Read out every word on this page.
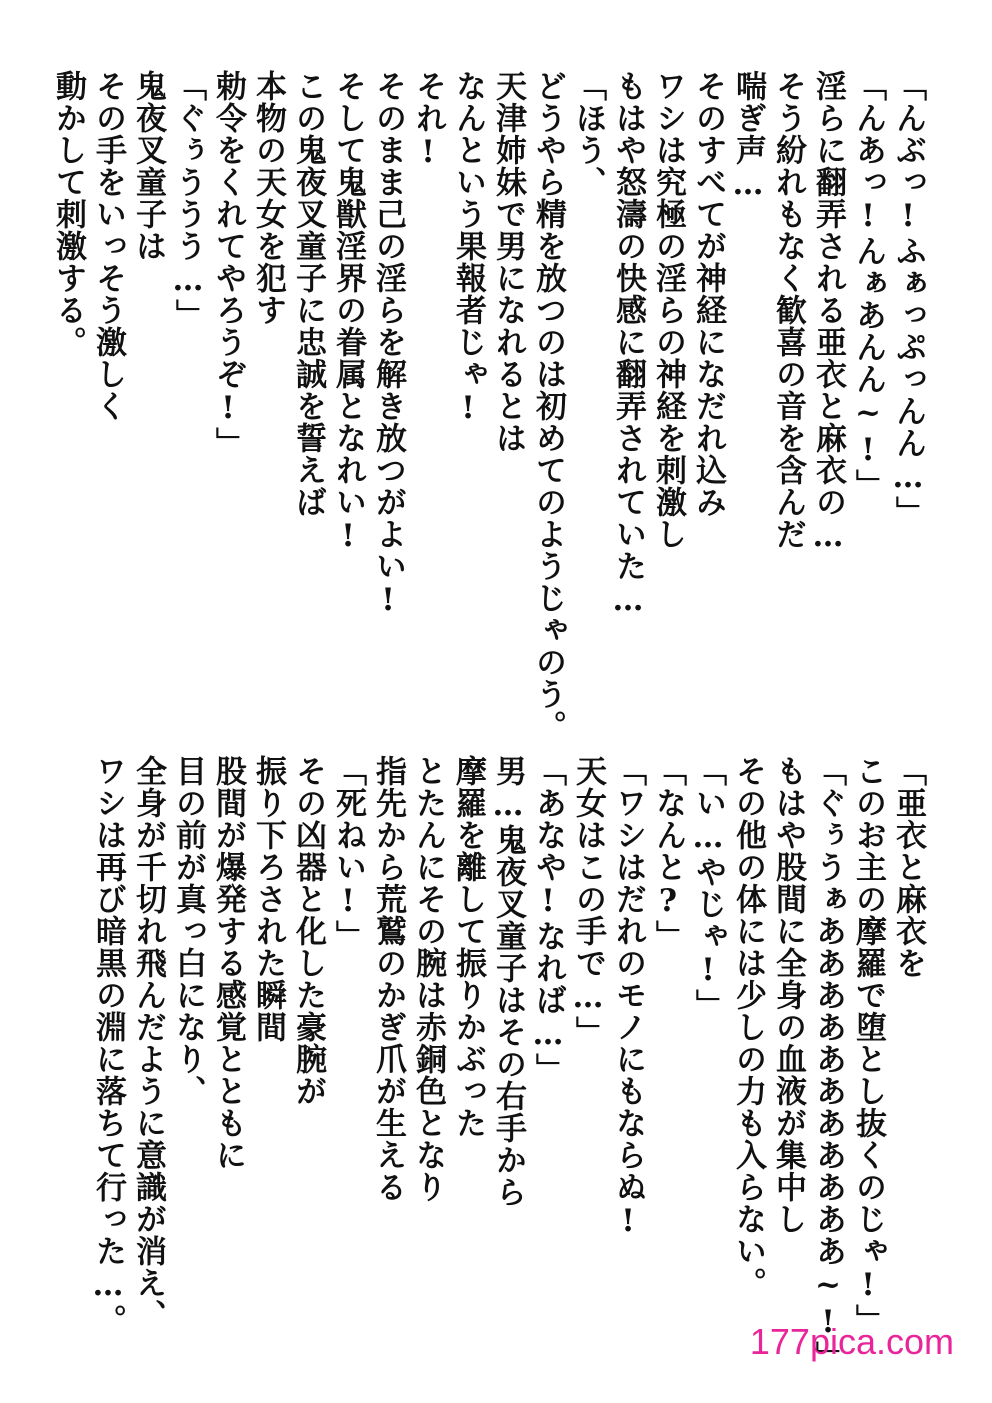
「んぶっ!ふぁっぷっんん…」
「んあっ!んぁあんん~!」
淫らに翻弄される亜衣と麻衣の…
そう紛れもなく歓喜の音を含んだ
喘ぎ声…
そのすべてが神経になだれ込み
ワシは究極の淫らの神経を刺激し
もはや怒濤の快感に翻弄されていた…
「ほう、
どうやら精を放つのは初めてのようじゃのう。
天津姉妹で男になれるとは
なんという果報者じゃ!
それ!
そのまま己の淫らを解き放つがよい!
そして鬼獣淫界の眷属となれい!
この鬼夜叉童子に忠誠を誓えば
本物の天女を犯す
勅令をくれてやろうぞ!」
「ぐぅううう…」
鬼夜叉童子は
その手をいっそう激しく
動かして刺激する。
「亜衣と麻衣を
このお主の摩羅で堕とし抜くのじゃ!」
「ぐぅうぁあああああああああああ~!」
もはや股間に全身の血液が集中し
その他の体には少しの力も入らない。
「い…やじゃ!」
「なんと?」
「ワシはだれのモノにもならぬ!
天女はこの手で…」
「あなや!なれば…」
男…鬼夜叉童子はその右手から
摩羅を離して振りかぶった
とたんにその腕は赤銅色となり
指先から荒鷲のかぎ爪が生える
「死ねい!」
その凶器と化した豪腕が
振り下ろされた瞬間
股間が爆発する感覚とともに
目の前が真っ白になり、
全身が千切れ飛んだように意識が消え、
ワシは再び暗黒の淵に落ちて行った…。
177pica.com
